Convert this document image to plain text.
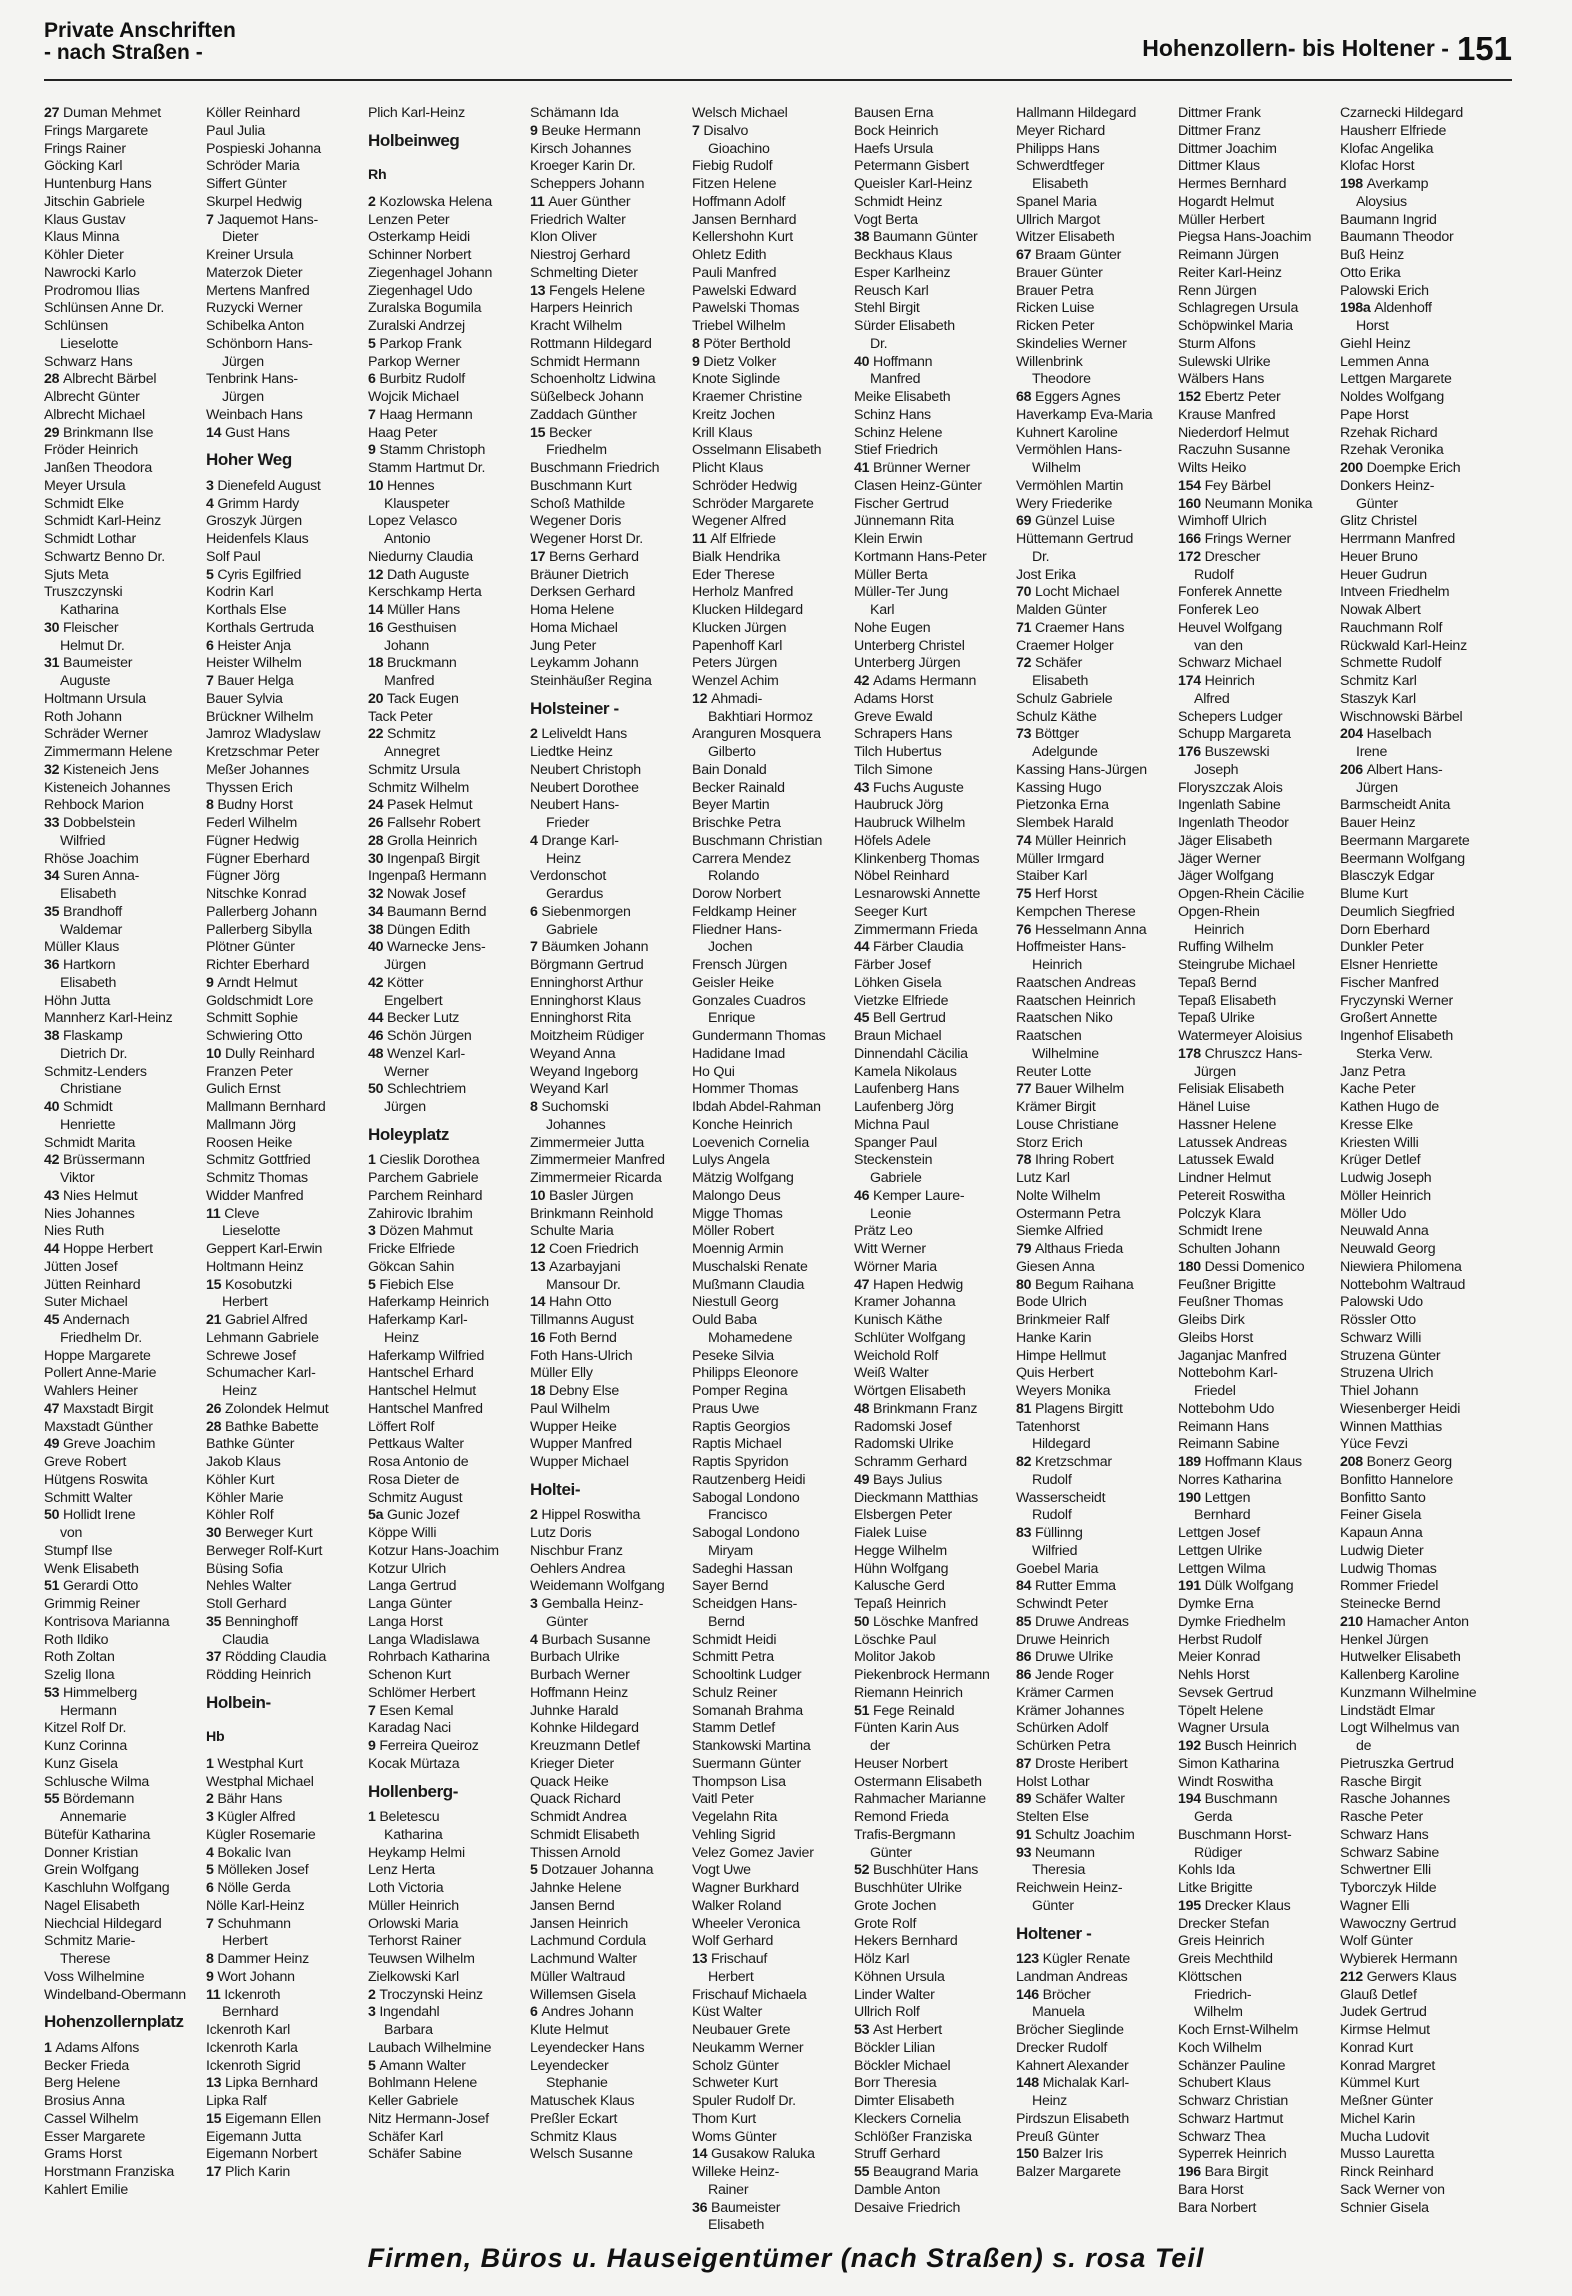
Private Anschriften
- nach Straßen -	Hohenzollern- bis Holtener - 151
27 Duman Mehmet
Frings Margarete
Frings Rainer
Göcking Karl
Huntenburg Hans
Jitschin Gabriele
Klaus Gustav
Klaus Minna
Köhler Dieter
Nawrocki Karlo
Prodromou Ilias
Schlünsen Anne Dr.
Schlünsen
Lieselotte
Schwarz Hans
28 Albrecht Bärbel
Albrecht Günter
Albrecht Michael
29 Brinkmann Ilse
Fröder Heinrich
Janßen Theodora
Meyer Ursula
Schmidt Elke
Schmidt Karl-Heinz
Schmidt Lothar
Schwartz Benno Dr.
Sjuts Meta
Truszczynski
Katharina
30 Fleischer
Helmut Dr.
31 Baumeister
Auguste
Holtmann Ursula
Roth Johann
Schräder Werner
Zimmermann Helene
32 Kisteneich Jens
Kisteneich Johannes
Rehbock Marion
33 Dobbelstein
Wilfried
Rhöse Joachim
34 Suren Anna-
Elisabeth
35 Brandhoff
Waldemar
Müller Klaus
36 Hartkorn
Elisabeth
Höhn Jutta
Mannherz Karl-Heinz
38 Flaskamp
Dietrich Dr.
Schmitz-Lenders
Christiane
40 Schmidt
Henriette
Schmidt Marita
42 Brüssermann
Viktor
43 Nies Helmut
Nies Johannes
Nies Ruth
44 Hoppe Herbert
Jütten Josef
Jütten Reinhard
Suter Michael
45 Andernach
Friedhelm Dr.
Hoppe Margarete
Pollert Anne-Marie
Wahlers Heiner
47 Maxstadt Birgit
Maxstadt Günther
49 Greve Joachim
Greve Robert
Hütgens Roswita
Schmitt Walter
50 Hollidt Irene
von
Stumpf Ilse
Wenk Elisabeth
51 Gerardi Otto
Grimmig Reiner
Kontrisova Marianna
Roth Ildiko
Roth Zoltan
Szelig Ilona
53 Himmelberg
Hermann
Kitzel Rolf Dr.
Kunz Corinna
Kunz Gisela
Schlusche Wilma
55 Bördemann
Annemarie
Bütefür Katharina
Donner Kristian
Grein Wolfgang
Kaschluhn Wolfgang
Nagel Elisabeth
Niechcial Hildegard
Schmitz Marie-
Therese
Voss Wilhelmine
Windelband-Obermann
Hohenzollernplatz
1 Adams Alfons
Becker Frieda
Berg Helene
Brosius Anna
Cassel Wilhelm
Esser Margarete
Grams Horst
Horstmann Franziska
Kahlert Emilie
Köller Reinhard
Paul Julia
Pospieski Johanna
Schröder Maria
Siffert Günter
Skurpel Hedwig
7 Jaquemot Hans-
Dieter
Kreiner Ursula
Materzok Dieter
Mertens Manfred
Ruzycki Werner
Schibelka Anton
Schönborn Hans-
Jürgen
Tenbrink Hans-
Jürgen
Weinbach Hans
14 Gust Hans
Hoher Weg
3 Dienefeld August
4 Grimm Hardy
Groszyk Jürgen
Heidenfels Klaus
Solf Paul
5 Cyris Egilfried
Kodrin Karl
Korthals Else
Korthals Gertruda
6 Heister Anja
Heister Wilhelm
7 Bauer Helga
Bauer Sylvia
Brückner Wilhelm
Jamroz Wladyslaw
Kretzschmar Peter
Meßer Johannes
Thyssen Erich
8 Budny Horst
Federl Wilhelm
Fügner Hedwig
Fügner Eberhard
Fügner Jörg
Nitschke Konrad
Pallerberg Johann
Pallerberg Sibylla
Plötner Günter
Richter Eberhard
9 Arndt Helmut
Goldschmidt Lore
Schmitt Sophie
Schwiering Otto
10 Dully Reinhard
Franzen Peter
Gulich Ernst
Mallmann Bernhard
Mallmann Jörg
Roosen Heike
Schmitz Gottfried
Schmitz Thomas
Widder Manfred
11 Cleve
Lieselotte
Geppert Karl-Erwin
Holtmann Heinz
15 Kosobutzki
Herbert
21 Gabriel Alfred
Lehmann Gabriele
Schrewe Josef
Schumacher Karl-
Heinz
26 Zolondek Helmut
28 Bathke Babette
Bathke Günter
Jakob Klaus
Köhler Kurt
Köhler Marie
Köhler Rolf
30 Berweger Kurt
Berweger Rolf-Kurt
Büsing Sofia
Nehles Walter
Stoll Gerhard
35 Benninghoff
Claudia
37 Rödding Claudia
Rödding Heinrich
Holbein-
Hb
1 Westphal Kurt
Westphal Michael
2 Bähr Hans
3 Kügler Alfred
Kügler Rosemarie
4 Bokalic Ivan
5 Mölleken Josef
6 Nölle Gerda
Nölle Karl-Heinz
7 Schuhmann
Herbert
8 Dammer Heinz
9 Wort Johann
11 Ickenroth
Bernhard
Ickenroth Karl
Ickenroth Karla
Ickenroth Sigrid
13 Lipka Bernhard
Lipka Ralf
15 Eigemann Ellen
Eigemann Jutta
Eigemann Norbert
17 Plich Karin
Plich Karl-Heinz
Holbeinweg
Rh
2 Kozlowska Helena
Lenzen Peter
Osterkamp Heidi
Schinner Norbert
Ziegenhagel Johann
Ziegenhagel Udo
Zuralska Bogumila
Zuralski Andrzej
5 Parkop Frank
Parkop Werner
6 Burbitz Rudolf
Wojcik Michael
7 Haag Hermann
Haag Peter
9 Stamm Christoph
Stamm Hartmut Dr.
10 Hennes
Klauspeter
Lopez Velasco
Antonio
Niedurny Claudia
12 Dath Auguste
Kerschkamp Herta
14 Müller Hans
16 Gesthuisen
Johann
18 Bruckmann
Manfred
20 Tack Eugen
Tack Peter
22 Schmitz
Annegret
Schmitz Ursula
Schmitz Wilhelm
24 Pasek Helmut
26 Fallsehr Robert
28 Grolla Heinrich
30 Ingenpaß Birgit
Ingenpaß Hermann
32 Nowak Josef
34 Baumann Bernd
38 Düngen Edith
40 Warnecke Jens-
Jürgen
42 Kötter
Engelbert
44 Becker Lutz
46 Schön Jürgen
48 Wenzel Karl-
Werner
50 Schlechtriem
Jürgen
Holeyplatz
1 Cieslik Dorothea
Parchem Gabriele
Parchem Reinhard
Zahirovic Ibrahim
3 Dözen Mahmut
Fricke Elfriede
Gökcan Sahin
5 Fiebich Else
Haferkamp Heinrich
Haferkamp Karl-
Heinz
Haferkamp Wilfried
Hantschel Erhard
Hantschel Helmut
Hantschel Manfred
Löffert Rolf
Pettkaus Walter
Rosa Antonio de
Rosa Dieter de
Schmitz August
5a Gunic Jozef
Köppe Willi
Kotzur Hans-Joachim
Kotzur Ulrich
Langa Gertrud
Langa Günter
Langa Horst
Langa Wladislawa
Rohrbach Katharina
Schenon Kurt
Schlömer Herbert
7 Esen Kemal
Karadag Naci
9 Ferreira Queiroz
Kocak Mürtaza
Hollenberg-
1 Beletescu
Katharina
Heykamp Helmi
Lenz Herta
Loth Victoria
Müller Heinrich
Orlowski Maria
Terhorst Rainer
Teuwsen Wilhelm
Zielkowski Karl
2 Troczynski Heinz
3 Ingendahl
Barbara
Laubach Wilhelmine
5 Amann Walter
Bohlmann Helene
Keller Gabriele
Nitz Hermann-Josef
Schäfer Karl
Schäfer Sabine
Schämann Ida
9 Beuke Hermann
Kirsch Johannes
Kroeger Karin Dr.
Scheppers Johann
11 Auer Günther
Friedrich Walter
Klon Oliver
Niestroj Gerhard
Schmelting Dieter
13 Fengels Helene
Harpers Heinrich
Kracht Wilhelm
Rottmann Hildegard
Schmidt Hermann
Schoenholtz Lidwina
Süßelbeck Johann
Zaddach Günther
15 Becker
Friedhelm
Buschmann Friedrich
Buschmann Kurt
Schoß Mathilde
Wegener Doris
Wegener Horst Dr.
17 Berns Gerhard
Bräuner Dietrich
Derksen Gerhard
Homa Helene
Homa Michael
Jung Peter
Leykamm Johann
Steinhäußer Regina
Holsteiner -
2 Leliveldt Hans
Liedtke Heinz
Neubert Christoph
Neubert Dorothee
Neubert Hans-
Frieder
4 Drange Karl-
Heinz
Verdonschot
Gerardus
6 Siebenmorgen
Gabriele
7 Bäumken Johann
Börgmann Gertrud
Enninghorst Arthur
Enninghorst Klaus
Enninghorst Rita
Moitzheim Rüdiger
Weyand Anna
Weyand Ingeborg
Weyand Karl
8 Suchomski
Johannes
Zimmermeier Jutta
Zimmermeier Manfred
Zimmermeier Ricarda
10 Basler Jürgen
Brinkmann Reinhold
Schulte Maria
12 Coen Friedrich
13 Azarbayjani
Mansour Dr.
14 Hahn Otto
Tillmanns August
16 Foth Bernd
Foth Hans-Ulrich
Müller Elly
18 Debny Else
Paul Wilhelm
Wupper Heike
Wupper Manfred
Wupper Michael
Holtei-
2 Hippel Roswitha
Lutz Doris
Nischbur Franz
Oehlers Andrea
Weidemann Wolfgang
3 Gemballa Heinz-
Günter
4 Burbach Susanne
Burbach Ulrike
Burbach Werner
Hoffmann Heinz
Juhnke Harald
Kohnke Hildegard
Kreuzmann Detlef
Krieger Dieter
Quack Heike
Quack Richard
Schmidt Andrea
Schmidt Elisabeth
Thissen Arnold
5 Dotzauer Johanna
Jahnke Helene
Jansen Bernd
Jansen Heinrich
Lachmund Cordula
Lachmund Walter
Müller Waltraud
Willemsen Gisela
6 Andres Johann
Klute Helmut
Leyendecker Hans
Leyendecker
Stephanie
Matuschek Klaus
Preßler Eckart
Schmitz Klaus
Welsch Susanne
Welsch Michael
7 Disalvo
Gioachino
Fiebig Rudolf
Fitzen Helene
Hoffmann Adolf
Jansen Bernhard
Kellershohn Kurt
Ohletz Edith
Pauli Manfred
Pawelski Edward
Pawelski Thomas
Triebel Wilhelm
8 Pöter Berthold
9 Dietz Volker
Knote Siglinde
Kraemer Christine
Kreitz Jochen
Krill Klaus
Osselmann Elisabeth
Plicht Klaus
Schröder Hedwig
Schröder Margarete
Wegener Alfred
11 Alf Elfriede
Bialk Hendrika
Eder Therese
Herholz Manfred
Klucken Hildegard
Klucken Jürgen
Papenhoff Karl
Peters Jürgen
Wenzel Achim
12 Ahmadi-
Bakhtiari Hormoz
Aranguren Mosquera
Gilberto
Bain Donald
Becker Rainald
Beyer Martin
Brischke Petra
Buschmann Christian
Carrera Mendez
Rolando
Dorow Norbert
Feldkamp Heiner
Fliedner Hans-
Jochen
Frensch Jürgen
Geisler Heike
Gonzales Cuadros
Enrique
Gundermann Thomas
Hadidane Imad
Ho Qui
Hommer Thomas
Ibdah Abdel-Rahman
Konche Heinrich
Loevenich Cornelia
Lulys Angela
Mätzig Wolfgang
Malongo Deus
Migge Thomas
Möller Robert
Moennig Armin
Muschalski Renate
Mußmann Claudia
Niestull Georg
Ould Baba
Mohamedene
Peseke Silvia
Philipps Eleonore
Pomper Regina
Praus Uwe
Raptis Georgios
Raptis Michael
Raptis Spyridon
Rautzenberg Heidi
Sabogal Londono
Francisco
Sabogal Londono
Miryam
Sadeghi Hassan
Sayer Bernd
Scheidgen Hans-
Bernd
Schmidt Heidi
Schmitt Petra
Schooltink Ludger
Schulz Reiner
Somanah Brahma
Stamm Detlef
Stankowski Martina
Suermann Günter
Thompson Lisa
Vaitl Peter
Vegelahn Rita
Vehling Sigrid
Velez Gomez Javier
Vogt Uwe
Wagner Burkhard
Walker Roland
Wheeler Veronica
Wolf Gerhard
13 Frischauf
Herbert
Frischauf Michaela
Küst Walter
Neubauer Grete
Neukamm Werner
Scholz Günter
Schweter Kurt
Spuler Rudolf Dr.
Thom Kurt
Woms Günter
14 Gusakow Raluka
Willeke Heinz-
Rainer
36 Baumeister
Elisabeth
Bausen Erna
Bock Heinrich
Haefs Ursula
Petermann Gisbert
Queisler Karl-Heinz
Schmidt Heinz
Vogt Berta
38 Baumann Günter
Beckhaus Klaus
Esper Karlheinz
Reusch Karl
Stehl Birgit
Sürder Elisabeth
Dr.
40 Hoffmann
Manfred
Meike Elisabeth
Schinz Hans
Schinz Helene
Stief Friedrich
41 Brünner Werner
Clasen Heinz-Günter
Fischer Gertrud
Jünnemann Rita
Klein Erwin
Kortmann Hans-Peter
Müller Berta
Müller-Ter Jung
Karl
Nohe Eugen
Unterberg Christel
Unterberg Jürgen
42 Adams Hermann
Adams Horst
Greve Ewald
Schrapers Hans
Tilch Hubertus
Tilch Simone
43 Fuchs Auguste
Haubruck Jörg
Haubruck Wilhelm
Höfels Adele
Klinkenberg Thomas
Nöbel Reinhard
Lesnarowski Annette
Seeger Kurt
Zimmermann Frieda
44 Färber Claudia
Färber Josef
Löhken Gisela
Vietzke Elfriede
45 Bell Gertrud
Braun Michael
Dinnendahl Cäcilia
Kamela Nikolaus
Laufenberg Hans
Laufenberg Jörg
Michna Paul
Spanger Paul
Steckenstein
Gabriele
46 Kemper Laure-
Leonie
Prätz Leo
Witt Werner
Wörner Maria
47 Hapen Hedwig
Kramer Johanna
Kunisch Käthe
Schlüter Wolfgang
Weichold Rolf
Weiß Walter
Wörtgen Elisabeth
48 Brinkmann Franz
Radomski Josef
Radomski Ulrike
Schramm Gerhard
49 Bays Julius
Dieckmann Matthias
Elsbergen Peter
Fialek Luise
Hegge Wilhelm
Hühn Wolfgang
Kalusche Gerd
Tepaß Heinrich
50 Löschke Manfred
Löschke Paul
Molitor Jakob
Piekenbrock Hermann
Riemann Heinrich
51 Fege Reinald
Fünten Karin Aus
der
Heuser Norbert
Ostermann Elisabeth
Rahmacher Marianne
Remond Frieda
Trafis-Bergmann
Günter
52 Buschhüter Hans
Buschhüter Ulrike
Grote Jochen
Grote Rolf
Hekers Bernhard
Hölz Karl
Köhnen Ursula
Linder Walter
Ullrich Rolf
53 Ast Herbert
Böckler Lilian
Böckler Michael
Borr Theresia
Dimter Elisabeth
Kleckers Cornelia
Schlößer Franziska
Struff Gerhard
55 Beaugrand Maria
Damble Anton
Desaive Friedrich
Hallmann Hildegard
Meyer Richard
Philipps Hans
Schwerdtfeger
Elisabeth
Spanel Maria
Ullrich Margot
Witzer Elisabeth
67 Braam Günter
Brauer Günter
Brauer Petra
Ricken Luise
Ricken Peter
Skindelies Werner
Willenbrink
Theodore
68 Eggers Agnes
Haverkamp Eva-Maria
Kuhnert Karoline
Vermöhlen Hans-
Wilhelm
Vermöhlen Martin
Wery Friederike
69 Günzel Luise
Hüttemann Gertrud
Dr.
Jost Erika
70 Locht Michael
Malden Günter
71 Craemer Hans
Craemer Holger
72 Schäfer
Elisabeth
Schulz Gabriele
Schulz Käthe
73 Böttger
Adelgunde
Kassing Hans-Jürgen
Kassing Hugo
Pietzonka Erna
Slembek Harald
74 Müller Heinrich
Müller Irmgard
Staiber Karl
75 Herf Horst
Kempchen Therese
76 Hesselmann Anna
Hoffmeister Hans-
Heinrich
Raatschen Andreas
Raatschen Heinrich
Raatschen Niko
Raatschen
Wilhelmine
Reuter Lotte
77 Bauer Wilhelm
Krämer Birgit
Louse Christiane
Storz Erich
78 Ihring Robert
Lutz Karl
Nolte Wilhelm
Ostermann Petra
Siemke Alfried
79 Althaus Frieda
Giesen Anna
80 Begum Raihana
Bode Ulrich
Brinkmeier Ralf
Hanke Karin
Himpe Hellmut
Quis Herbert
Weyers Monika
81 Plagens Birgitt
Tatenhorst
Hildegard
82 Kretzschmar
Rudolf
Wasserscheidt
Rudolf
83 Füllinng
Wilfried
Goebel Maria
84 Rutter Emma
Schwindt Peter
85 Druwe Andreas
Druwe Heinrich
86 Druwe Ulrike
86 Jende Roger
Krämer Carmen
Krämer Johannes
Schürken Adolf
Schürken Petra
87 Droste Heribert
Holst Lothar
89 Schäfer Walter
Stelten Else
91 Schultz Joachim
93 Neumann
Theresia
Reichwein Heinz-
Günter
Holtener -
123 Kügler Renate
Landman Andreas
146 Bröcher
Manuela
Bröcher Sieglinde
Drecker Rudolf
Kahnert Alexander
148 Michalak Karl-
Heinz
Pirdszun Elisabeth
Preuß Günter
150 Balzer Iris
Balzer Margarete
Dittmer Frank
Dittmer Franz
Dittmer Joachim
Dittmer Klaus
Hermes Bernhard
Hogardt Helmut
Müller Herbert
Piegsa Hans-Joachim
Reimann Jürgen
Reiter Karl-Heinz
Renn Jürgen
Schlagregen Ursula
Schöpwinkel Maria
Sturm Alfons
Sulewski Ulrike
Wälbers Hans
152 Ebertz Peter
Krause Manfred
Niederdorf Helmut
Raczuhn Susanne
Wilts Heiko
154 Fey Bärbel
160 Neumann Monika
Wimhoff Ulrich
166 Frings Werner
172 Drescher
Rudolf
Fonferek Annette
Fonferek Leo
Heuvel Wolfgang
van den
Schwarz Michael
174 Heinrich
Alfred
Schepers Ludger
Schupp Margareta
176 Buszewski
Joseph
Floryszczak Alois
Ingenlath Sabine
Ingenlath Theodor
Jäger Elisabeth
Jäger Werner
Jäger Wolfgang
Opgen-Rhein Cäcilie
Opgen-Rhein
Heinrich
Ruffing Wilhelm
Steingrube Michael
Tepaß Bernd
Tepaß Elisabeth
Tepaß Ulrike
Watermeyer Aloisius
178 Chruszcz Hans-
Jürgen
Felisiak Elisabeth
Hänel Luise
Hassner Helene
Latussek Andreas
Latussek Ewald
Lindner Helmut
Petereit Roswitha
Polczyk Klara
Schmidt Irene
Schulten Johann
180 Dessi Domenico
Feußner Brigitte
Feußner Thomas
Gleibs Dirk
Gleibs Horst
Jaganjac Manfred
Nottebohm Karl-
Friedel
Nottebohm Udo
Reimann Hans
Reimann Sabine
189 Hoffmann Klaus
Norres Katharina
190 Lettgen
Bernhard
Lettgen Josef
Lettgen Ulrike
Lettgen Wilma
191 Dülk Wolfgang
Dymke Erna
Dymke Friedhelm
Herbst Rudolf
Meier Konrad
Nehls Horst
Sevsek Gertrud
Töpelt Helene
Wagner Ursula
192 Busch Heinrich
Simon Katharina
Windt Roswitha
194 Buschmann
Gerda
Buschmann Horst-
Rüdiger
Kohls Ida
Litke Brigitte
195 Drecker Klaus
Drecker Stefan
Greis Heinrich
Greis Mechthild
Klöttschen
Friedrich-
Wilhelm
Koch Ernst-Wilhelm
Koch Wilhelm
Schänzer Pauline
Schubert Klaus
Schwarz Christian
Schwarz Hartmut
Schwarz Thea
Syperrek Heinrich
196 Bara Birgit
Bara Horst
Bara Norbert
Czarnecki Hildegard
Hausherr Elfriede
Klofac Angelika
Klofac Horst
198 Averkamp
Aloysius
Baumann Ingrid
Baumann Theodor
Buß Heinz
Otto Erika
Palowski Erich
198a Aldenhoff
Horst
Giehl Heinz
Lemmen Anna
Lettgen Margarete
Noldes Wolfgang
Pape Horst
Rzehak Richard
Rzehak Veronika
200 Doempke Erich
Donkers Heinz-
Günter
Glitz Christel
Herrmann Manfred
Heuer Bruno
Heuer Gudrun
Intveen Friedhelm
Nowak Albert
Rauchmann Rolf
Rückwald Karl-Heinz
Schmette Rudolf
Schmitz Karl
Staszyk Karl
Wischnowski Bärbel
204 Haselbach
Irene
206 Albert Hans-
Jürgen
Barmscheidt Anita
Bauer Heinz
Beermann Margarete
Beermann Wolfgang
Blasczyk Edgar
Blume Kurt
Deumlich Siegfried
Dorn Eberhard
Dunkler Peter
Elsner Henriette
Fischer Manfred
Fryczynski Werner
Großert Annette
Ingenhof Elisabeth
Sterka Verw.
Janz Petra
Kache Peter
Kathen Hugo de
Kresse Elke
Kriesten Willi
Krüger Detlef
Ludwig Joseph
Möller Heinrich
Möller Udo
Neuwald Anna
Neuwald Georg
Niewiera Philomena
Nottebohm Waltraud
Palowski Udo
Rössler Otto
Schwarz Willi
Struzena Günter
Struzena Ulrich
Thiel Johann
Wiesenberger Heidi
Winnen Matthias
Yüce Fevzi
208 Bonerz Georg
Bonfitto Hannelore
Bonfitto Santo
Feiner Gisela
Kapaun Anna
Ludwig Dieter
Ludwig Thomas
Rommer Friedel
Steinecke Bernd
210 Hamacher Anton
Henkel Jürgen
Hutwelker Elisabeth
Kallenberg Karoline
Kunzmann Wilhelmine
Lindstädt Elmar
Logt Wilhelmus van
de
Pietruszka Gertrud
Rasche Birgit
Rasche Johannes
Rasche Peter
Schwarz Hans
Schwarz Sabine
Schwertner Elli
Tyborczyk Hilde
Wagner Elli
Wawoczny Gertrud
Wolf Günter
Wybierek Hermann
212 Gerwers Klaus
Glauß Detlef
Judek Gertrud
Kirmse Helmut
Konrad Kurt
Konrad Margret
Kümmel Kurt
Meßner Günter
Michel Karin
Mucha Ludovit
Musso Lauretta
Rinck Reinhard
Sack Werner von
Schnier Gisela
Firmen, Büros u. Hauseigentümer (nach Straßen) s. rosa Teil
